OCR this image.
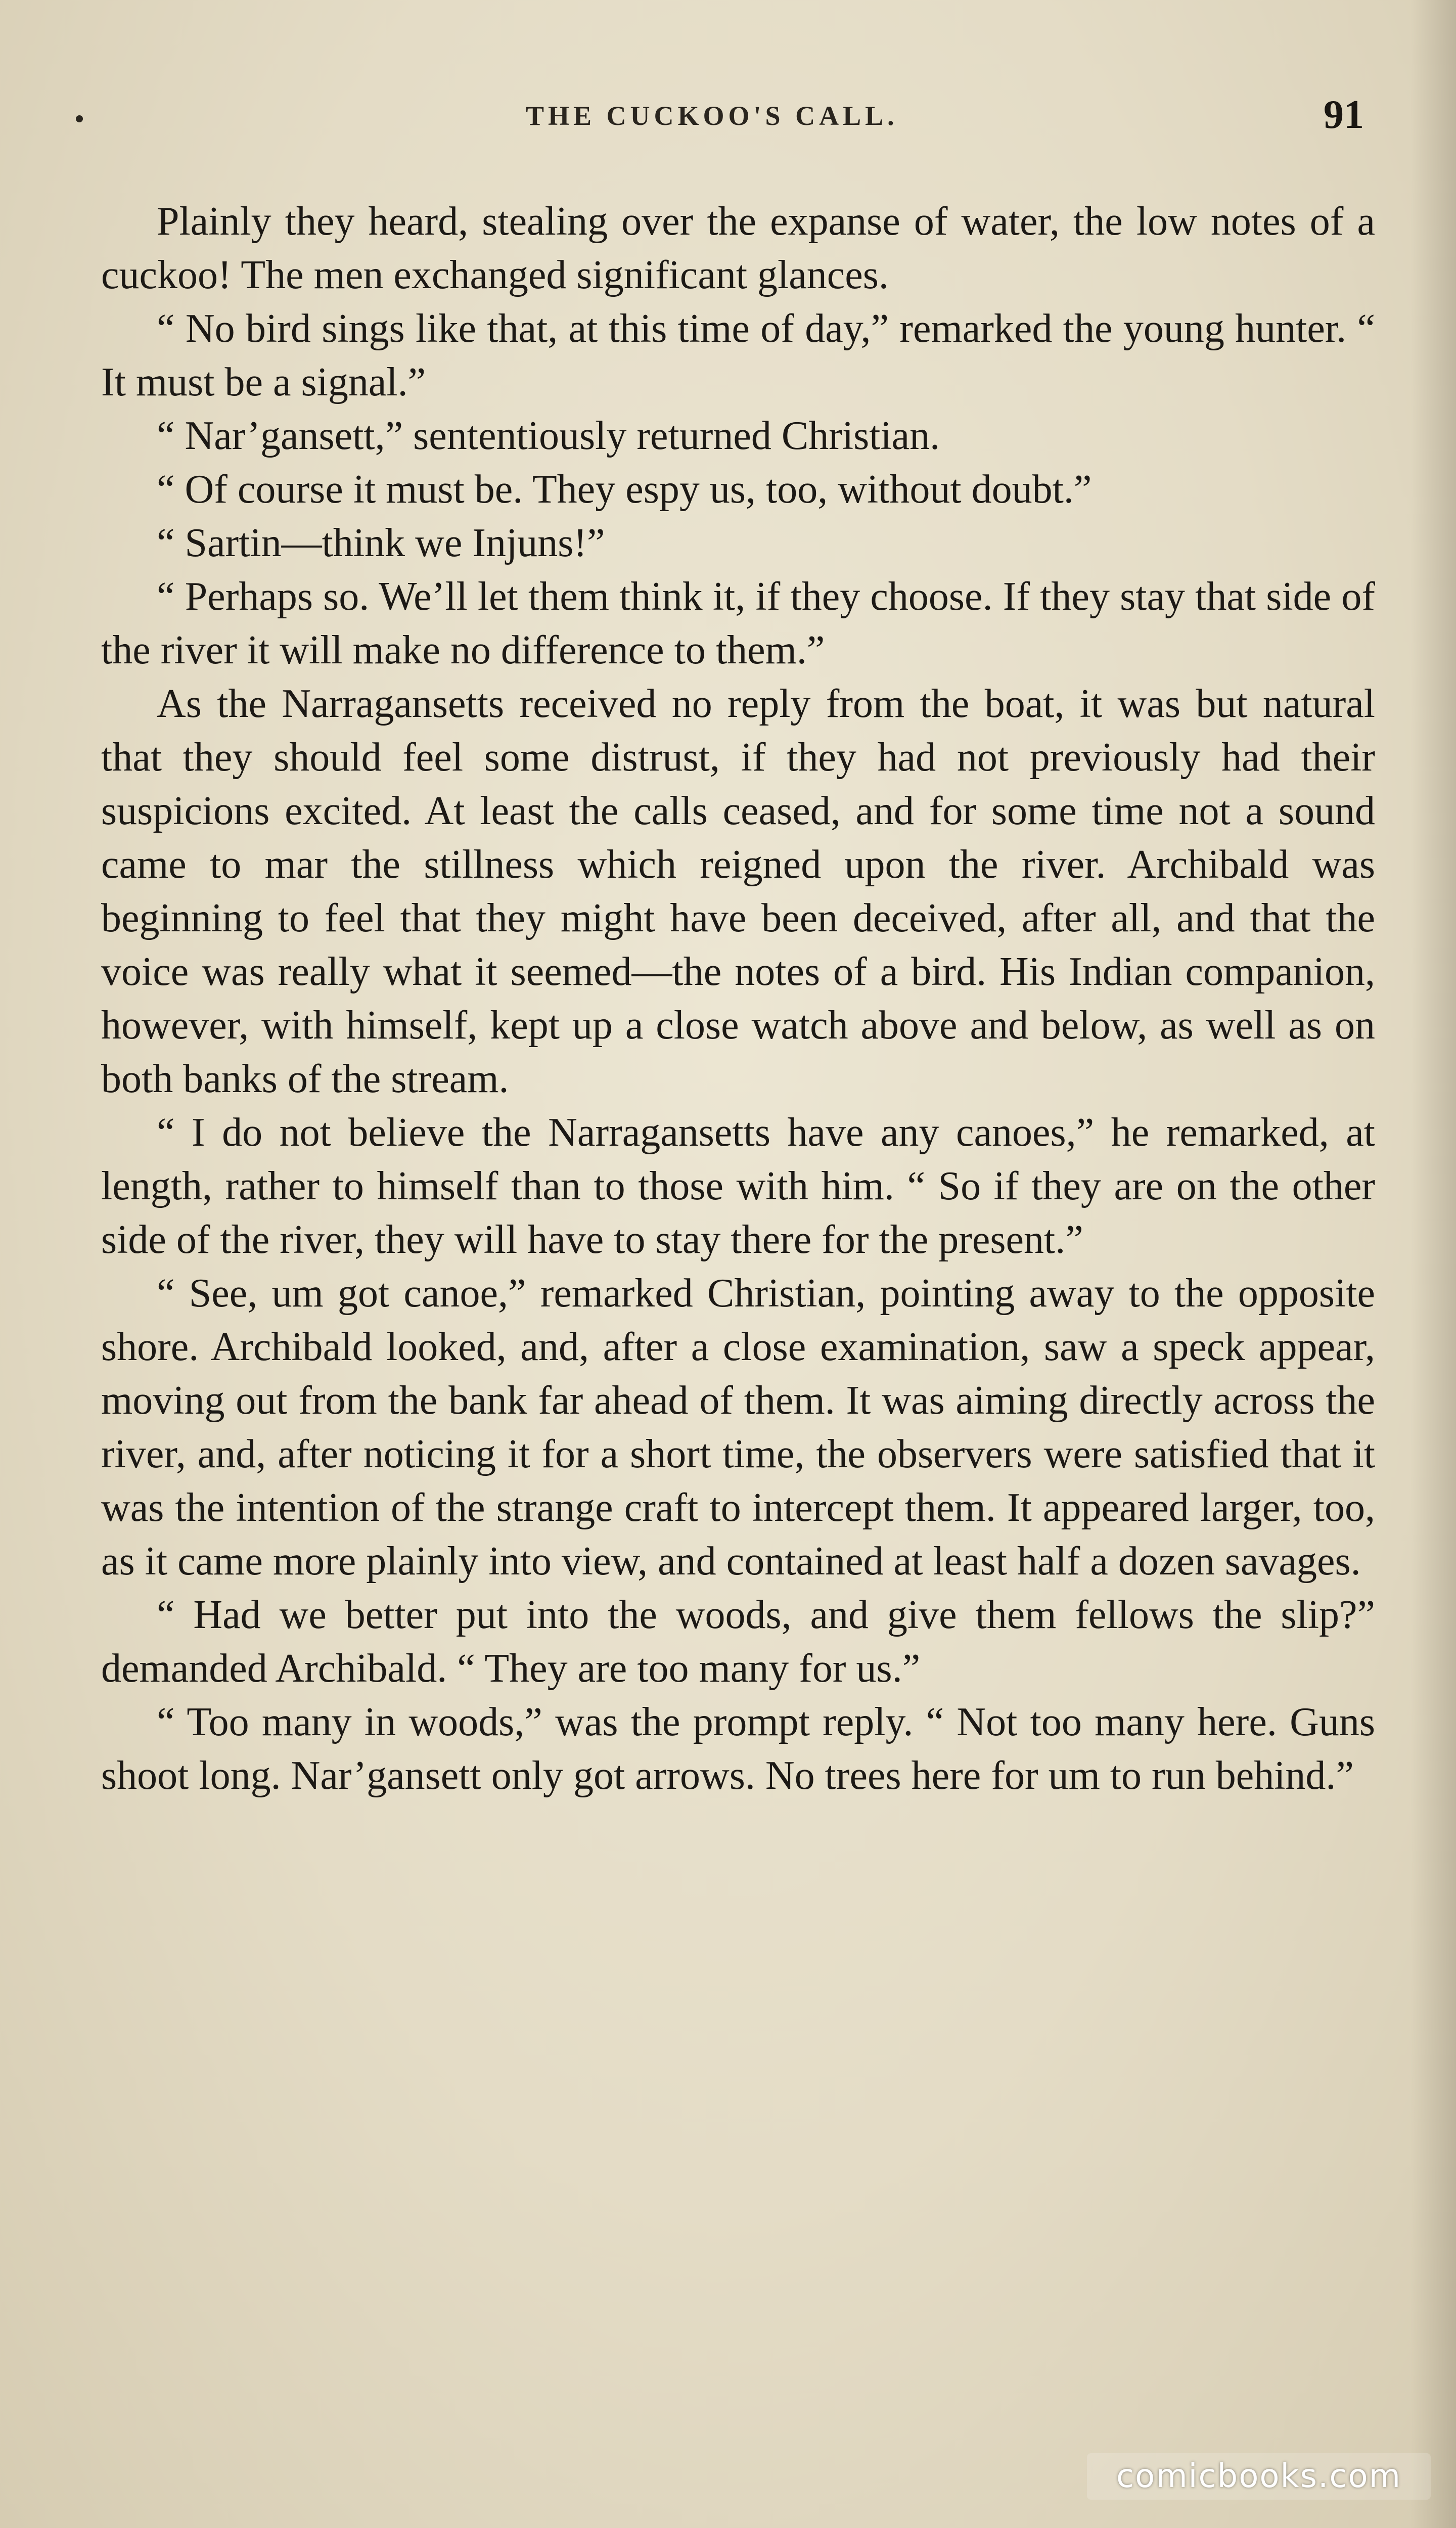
THE CUCKOO'S CALL.	91

Plainly they heard, stealing over the expanse of water, the low notes of a cuckoo! The men exchanged significant glances.

“ No bird sings like that, at this time of day,” remarked the young hunter. “ It must be a signal.”

“ Nar’gansett,” sententiously returned Christian.

“ Of course it must be. They espy us, too, without doubt.”

“ Sartin—think we Injuns!”

“ Perhaps so. We’ll let them think it, if they choose. If they stay that side of the river it will make no difference to them.”

As the Narragansetts received no reply from the boat, it was but natural that they should feel some distrust, if they had not previously had their suspicions excited. At least the calls ceased, and for some time not a sound came to mar the stillness which reigned upon the river. Archibald was beginning to feel that they might have been deceived, after all, and that the voice was really what it seemed—the notes of a bird. His Indian companion, however, with himself, kept up a close watch above and below, as well as on both banks of the stream.

“ I do not believe the Narragansetts have any canoes,” he remarked, at length, rather to himself than to those with him. “ So if they are on the other side of the river, they will have to stay there for the present.”

“ See, um got canoe,” remarked Christian, pointing away to the opposite shore. Archibald looked, and, after a close examination, saw a speck appear, moving out from the bank far ahead of them. It was aiming directly across the river, and, after noticing it for a short time, the observers were satisfied that it was the intention of the strange craft to intercept them. It appeared larger, too, as it came more plainly into view, and contained at least half a dozen savages.

“ Had we better put into the woods, and give them fellows the slip?” demanded Archibald. “ They are too many for us.”

“ Too many in woods,” was the prompt reply. “ Not too many here. Guns shoot long. Nar’gansett only got arrows. No trees here for um to run behind.”

comicbooks.com
